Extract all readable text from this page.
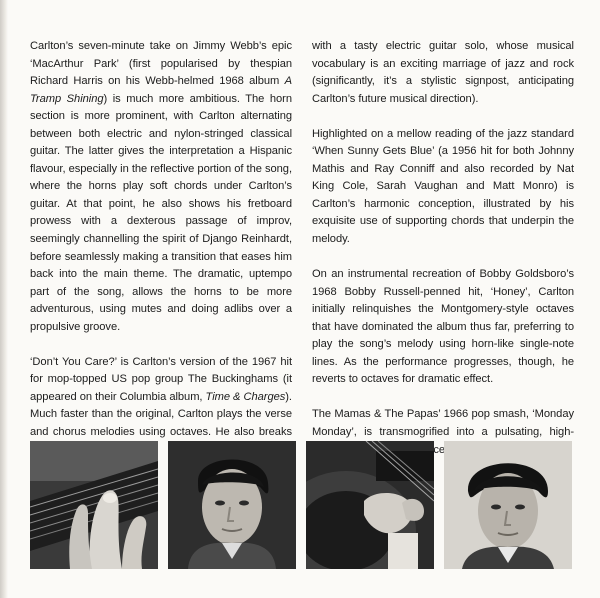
Carlton’s seven-minute take on Jimmy Webb’s epic ‘MacArthur Park’ (first popularised by thespian Richard Harris on his Webb-helmed 1968 album A Tramp Shining) is much more ambitious. The horn section is more prominent, with Carlton alternating between both electric and nylon-stringed classical guitar. The latter gives the interpretation a Hispanic flavour, especially in the reflective portion of the song, where the horns play soft chords under Carlton’s guitar. At that point, he also shows his fretboard prowess with a dexterous passage of improv, seemingly channelling the spirit of Django Reinhardt, before seamlessly making a transition that eases him back into the main theme. The dramatic, uptempo part of the song, allows the horns to be more adventurous, using mutes and doing adlibs over a propulsive groove.

‘Don’t You Care?’ is Carlton’s version of the 1967 hit for mop-topped US pop group The Buckinghams (it appeared on their Columbia album, Time & Charges). Much faster than the original, Carlton plays the verse and chorus melodies using octaves. He also breaks

with a tasty electric guitar solo, whose musical vocabulary is an exciting marriage of jazz and rock (significantly, it’s a stylistic signpost, anticipating Carlton’s future musical direction).

Highlighted on a mellow reading of the jazz standard ‘When Sunny Gets Blue’ (a 1956 hit for both Johnny Mathis and Ray Conniff and also recorded by Nat King Cole, Sarah Vaughan and Matt Monro) is Carlton’s harmonic conception, illustrated by his exquisite use of supporting chords that underpin the melody.

On an instrumental recreation of Bobby Goldsboro’s 1968 Bobby Russell-penned hit, ‘Honey’, Carlton initially relinquishes the Montgomery-style octaves that have dominated the album thus far, preferring to play the song’s melody using horn-like single-note lines. As the performance progresses, though, he reverts to octaves for dramatic effect.

The Mamas & The Papas’ 1966 pop smash, ‘Monday Monday’, is transmogrified into a pulsating, high-
